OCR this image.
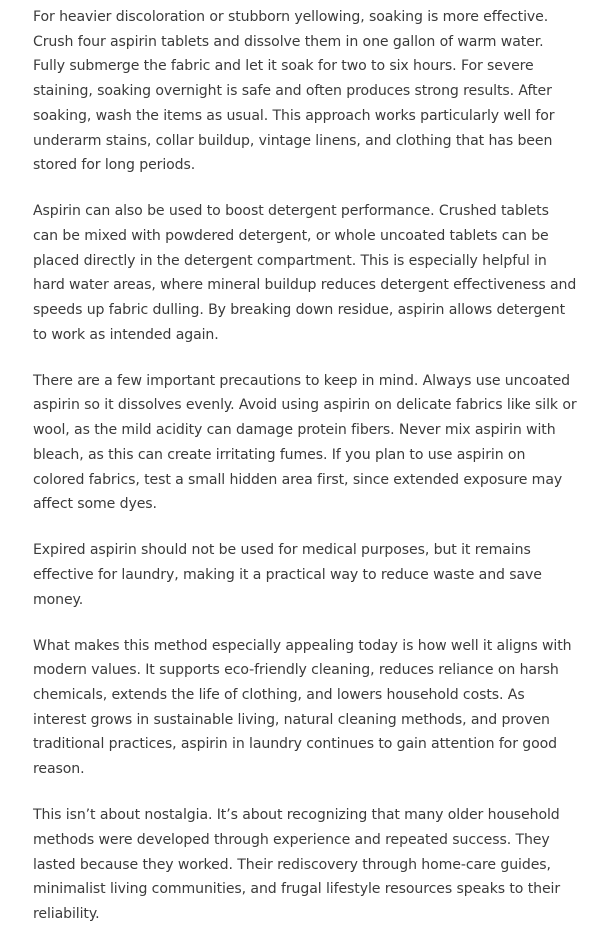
For heavier discoloration or stubborn yellowing, soaking is more effective. Crush four aspirin tablets and dissolve them in one gallon of warm water. Fully submerge the fabric and let it soak for two to six hours. For severe staining, soaking overnight is safe and often produces strong results. After soaking, wash the items as usual. This approach works particularly well for underarm stains, collar buildup, vintage linens, and clothing that has been stored for long periods.

Aspirin can also be used to boost detergent performance. Crushed tablets can be mixed with powdered detergent, or whole uncoated tablets can be placed directly in the detergent compartment. This is especially helpful in hard water areas, where mineral buildup reduces detergent effectiveness and speeds up fabric dulling. By breaking down residue, aspirin allows detergent to work as intended again.

There are a few important precautions to keep in mind. Always use uncoated aspirin so it dissolves evenly. Avoid using aspirin on delicate fabrics like silk or wool, as the mild acidity can damage protein fibers. Never mix aspirin with bleach, as this can create irritating fumes. If you plan to use aspirin on colored fabrics, test a small hidden area first, since extended exposure may affect some dyes.

Expired aspirin should not be used for medical purposes, but it remains effective for laundry, making it a practical way to reduce waste and save money.

What makes this method especially appealing today is how well it aligns with modern values. It supports eco-friendly cleaning, reduces reliance on harsh chemicals, extends the life of clothing, and lowers household costs. As interest grows in sustainable living, natural cleaning methods, and proven traditional practices, aspirin in laundry continues to gain attention for good reason.

This isn’t about nostalgia. It’s about recognizing that many older household methods were developed through experience and repeated success. They lasted because they worked. Their rediscovery through home-care guides, minimalist living communities, and frugal lifestyle resources speaks to their reliability.
